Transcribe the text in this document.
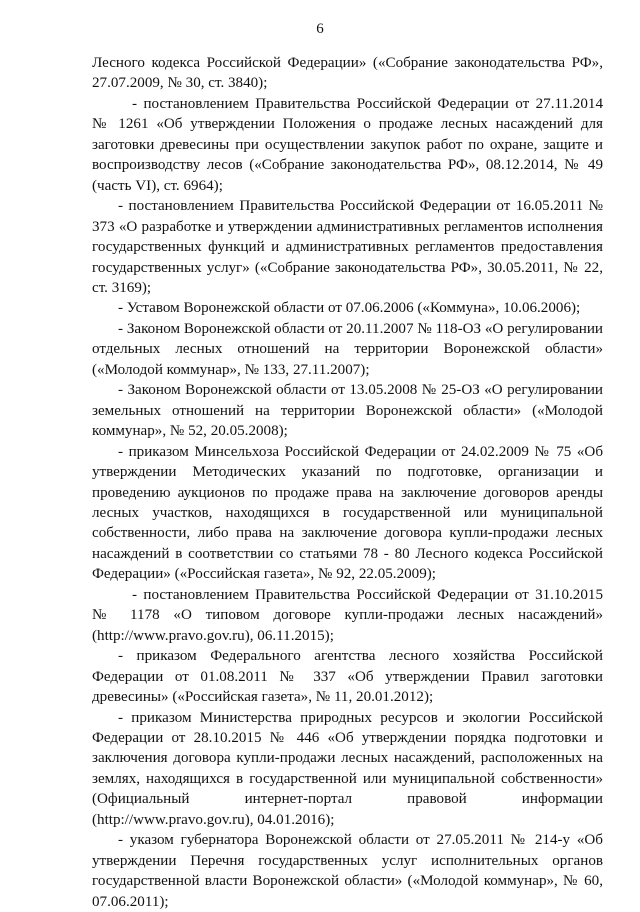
6

Лесного кодекса Российской Федерации» («Собрание законодательства РФ», 27.07.2009, № 30, ст. 3840);

- постановлением Правительства Российской Федерации от 27.11.2014 № 1261 «Об утверждении Положения о продаже лесных насаждений для заготовки древесины при осуществлении закупок работ по охране, защите и воспроизводству лесов («Собрание законодательства РФ», 08.12.2014, № 49 (часть VI), ст. 6964);

- постановлением Правительства Российской Федерации от 16.05.2011 № 373 «О разработке и утверждении административных регламентов исполнения государственных функций и административных регламентов предоставления государственных услуг» («Собрание законодательства РФ», 30.05.2011, № 22, ст. 3169);

- Уставом Воронежской области от 07.06.2006 («Коммуна», 10.06.2006);

- Законом Воронежской области от 20.11.2007 № 118-ОЗ «О регулировании отдельных лесных отношений на территории Воронежской области» («Молодой коммунар», № 133, 27.11.2007);

- Законом Воронежской области от 13.05.2008 № 25-ОЗ «О регулировании земельных отношений на территории Воронежской области» («Молодой коммунар», № 52, 20.05.2008);

- приказом Минсельхоза Российской Федерации от 24.02.2009 № 75 «Об утверждении Методических указаний по подготовке, организации и проведению аукционов по продаже права на заключение договоров аренды лесных участков, находящихся в государственной или муниципальной собственности, либо права на заключение договора купли-продажи лесных насаждений в соответствии со статьями 78 - 80 Лесного кодекса Российской Федерации» («Российская газета», № 92, 22.05.2009);

- постановлением Правительства Российской Федерации от 31.10.2015 № 1178 «О типовом договоре купли-продажи лесных насаждений» (http://www.pravo.gov.ru), 06.11.2015);

- приказом Федерального агентства лесного хозяйства Российской Федерации от 01.08.2011 № 337 «Об утверждении Правил заготовки древесины» («Российская газета», № 11, 20.01.2012);

- приказом Министерства природных ресурсов и экологии Российской Федерации от 28.10.2015 № 446 «Об утверждении порядка подготовки и заключения договора купли-продажи лесных насаждений, расположенных на землях, находящихся в государственной или муниципальной собственности» (Официальный интернет-портал правовой информации (http://www.pravo.gov.ru), 04.01.2016);

- указом губернатора Воронежской области от 27.05.2011 № 214-у «Об утверждении Перечня государственных услуг исполнительных органов государственной власти Воронежской области» («Молодой коммунар», № 60, 07.06.2011);
